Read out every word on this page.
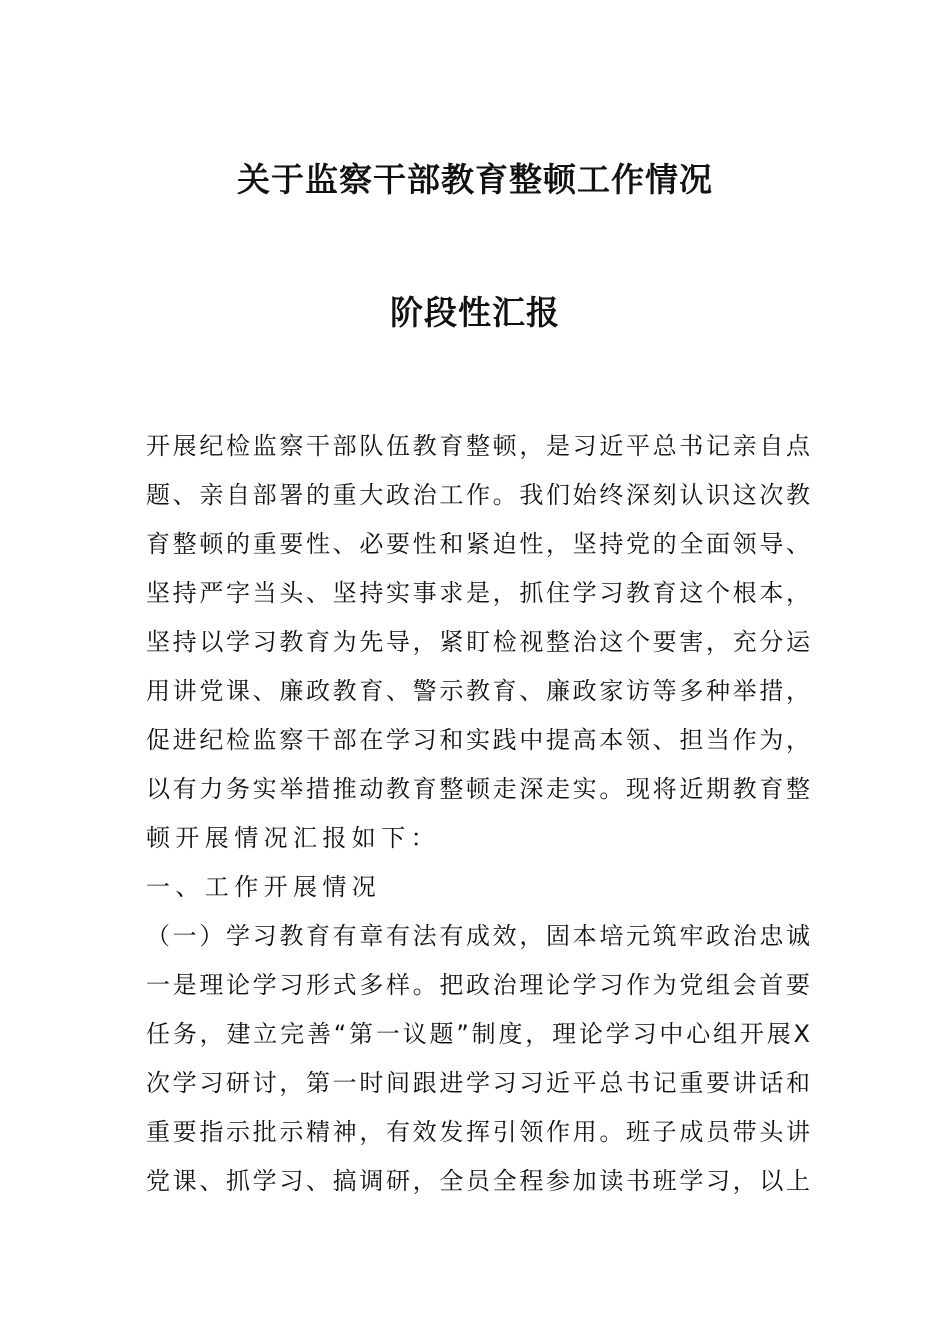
关于监察干部教育整顿工作情况
阶段性汇报
开展纪检监察干部队伍教育整顿，是习近平总书记亲自点
题、亲自部署的重大政治工作。我们始终深刻认识这次教
育整顿的重要性、必要性和紧迫性，坚持党的全面领导、
坚持严字当头、坚持实事求是，抓住学习教育这个根本，
坚持以学习教育为先导，紧盯检视整治这个要害，充分运
用讲党课、廉政教育、警示教育、廉政家访等多种举措，
促进纪检监察干部在学习和实践中提高本领、担当作为，
以有力务实举措推动教育整顿走深走实。现将近期教育整
顿开展情况汇报如下：
一、工作开展情况
（一）学习教育有章有法有成效，固本培元筑牢政治忠诚
一是理论学习形式多样。把政治理论学习作为党组会首要
任务，建立完善“第一议题”制度，理论学习中心组开展X
次学习研讨，第一时间跟进学习习近平总书记重要讲话和
重要指示批示精神，有效发挥引领作用。班子成员带头讲
党课、抓学习、搞调研，全员全程参加读书班学习，以上
